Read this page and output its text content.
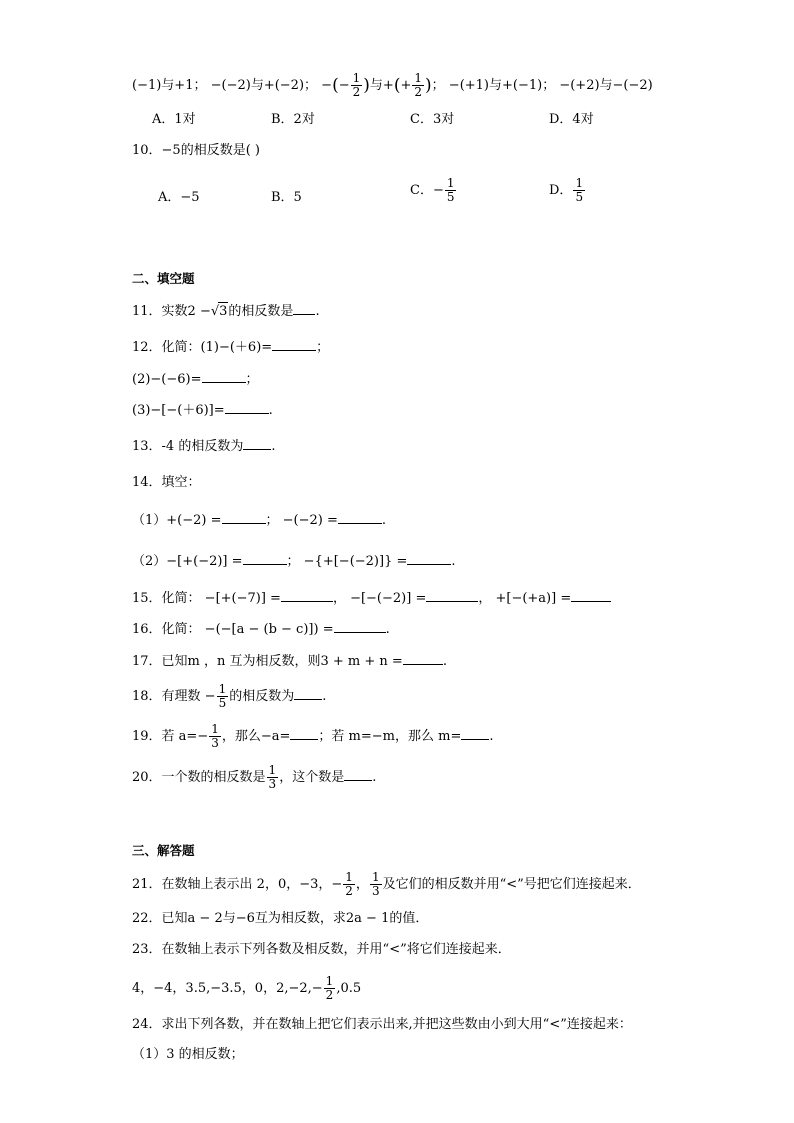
(−1)与+1； −(−2)与+(−2)； −(− $\frac{1}{2}$ )与+(+ $\frac{1}{2}$ )； −(+1)与+(−1)； −(+2)与−(−2)
A．1对	B．2对	C．3对	D．4对
10．−5的相反数是( )
A．−5	B．5	C．− $\frac{1}{5}$	D． $\frac{1}{5}$
二、填空题
11．实数2 −√3的相反数是 .
12．化简：(1)−(＋6)=	；
(2)−(−6)=	；
(3)−[−(＋6)]=	.
13．-4 的相反数为 .
14．填空：
（1）+(−2) =	； −(−2) =	.
（2）−[+(−2)] =	； −{+[−(−2)]} =	.
15．化简： −[+(−7)] =	， −[−(−2)] =	， +[−(+a)] =
16．化简： −(−[a − (b − c)]) =	.
17．已知m ，n 互为相反数，则3 + m + n =	.
18．有理数 − $\frac{1}{5}$ 的相反数为 .
19．若 $a=- \frac{1}{3}$ ，那么−a= ；若 m=−m，那么 m= .
20．一个数的相反数是 $\frac{1}{3}$ ，这个数是 .
三、解答题
21．在数轴上表示出 2，0，−3，− $\frac{1}{2}$ ， $\frac{1}{3}$ 及它们的相反数并用“<”号把它们连接起来．
22．已知a − 2与−6互为相反数，求2a − 1的值．
23．在数轴上表示下列各数及相反数，并用“<”将它们连接起来．
4，−4，3.5,−3.5，0，$2,-2,- \frac{1}{2} ,0.5$
24．求出下列各数，并在数轴上把它们表示出来,并把这些数由小到大用“<”连接起来：
（1）3 的相反数；
